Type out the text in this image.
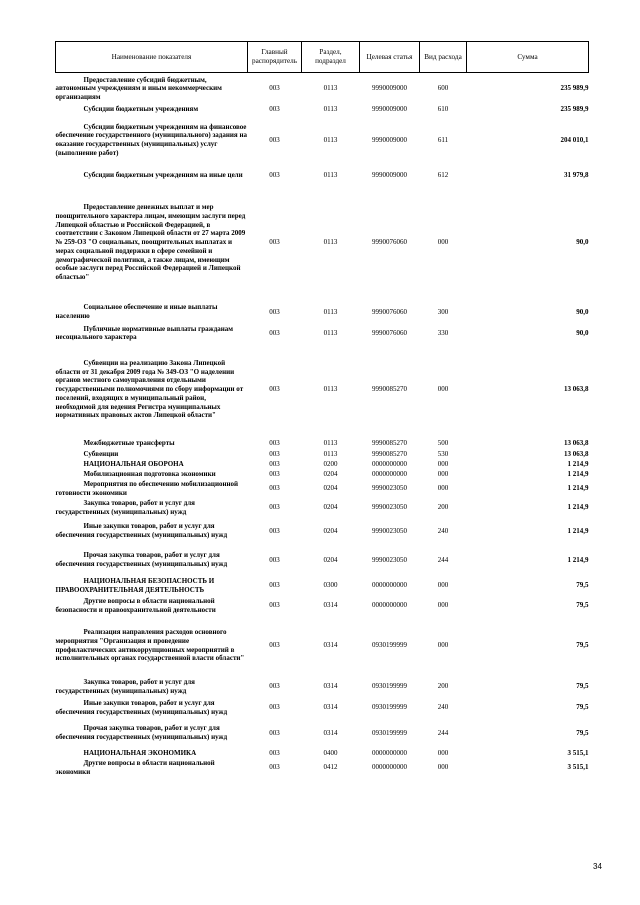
Наименование показателя	Главный распорядитель	Раздел, подраздел	Целевая статья	Вид расхода	Сумма
Предоставление субсидий бюджетным, автономным учреждениям и иным некоммерческим организациям	003	0113	9990009000	600	235 989,9
Субсидии бюджетным учреждениям	003	0113	9990009000	610	235 989,9
Субсидии бюджетным учреждениям на финансовое обеспечение государственного (муниципального) задания на оказание государственных (муниципальных) услуг (выполнение работ)	003	0113	9990009000	611	204 010,1
Субсидии бюджетным учреждениям на иные цели	003	0113	9990009000	612	31 979,8
Предоставление денежных выплат и мер поощрительного характера лицам, имеющим заслуги перед Липецкой областью и Российской Федерацией, в соответствии с Законом Липецкой области от 27 марта 2009 № 259-ОЗ "О социальных, поощрительных выплатах и мерах социальной поддержки в сфере семейной и демографической политики, а также лицам, имеющим особые заслуги перед Российской Федерацией и Липецкой областью"	003	0113	9990076060	000	90,0
Социальное обеспечение и иные выплаты населению	003	0113	9990076060	300	90,0
Публичные нормативные выплаты гражданам несоциального характера	003	0113	9990076060	330	90,0
Субвенции на реализацию Закона Липецкой области от 31 декабря 2009 года № 349-ОЗ "О наделении органов местного самоуправления отдельными государственными полномочиями по сбору информации от поселений, входящих в муниципальный район, необходимой для ведения Регистра муниципальных нормативных правовых актов Липецкой области"	003	0113	9990085270	000	13 063,8
Межбюджетные трансферты	003	0113	9990085270	500	13 063,8
Субвенции	003	0113	9990085270	530	13 063,8
НАЦИОНАЛЬНАЯ ОБОРОНА	003	0200	0000000000	000	1 214,9
Мобилизационная подготовка экономики	003	0204	0000000000	000	1 214,9
Мероприятия по обеспечению мобилизационной готовности экономики	003	0204	9990023050	000	1 214,9
Закупка товаров, работ и услуг для государственных (муниципальных) нужд	003	0204	9990023050	200	1 214,9
Иные закупки товаров, работ и услуг для обеспечения государственных (муниципальных) нужд	003	0204	9990023050	240	1 214,9
Прочая закупка товаров, работ и услуг для обеспечения государственных (муниципальных) нужд	003	0204	9990023050	244	1 214,9
НАЦИОНАЛЬНАЯ БЕЗОПАСНОСТЬ И ПРАВООХРАНИТЕЛЬНАЯ ДЕЯТЕЛЬНОСТЬ	003	0300	0000000000	000	79,5
Другие вопросы в области национальной безопасности и правоохранительной деятельности	003	0314	0000000000	000	79,5
Реализация направления расходов основного мероприятия "Организация и проведение профилактических антикоррупционных мероприятий в исполнительных органах государственной власти области"	003	0314	0930199999	000	79,5
Закупка товаров, работ и услуг для государственных (муниципальных) нужд	003	0314	0930199999	200	79,5
Иные закупки товаров, работ и услуг для обеспечения государственных (муниципальных) нужд	003	0314	0930199999	240	79,5
Прочая закупка товаров, работ и услуг для обеспечения государственных (муниципальных) нужд	003	0314	0930199999	244	79,5
НАЦИОНАЛЬНАЯ ЭКОНОМИКА	003	0400	0000000000	000	3 515,1
Другие вопросы в области национальной экономики	003	0412	0000000000	000	3 515,1
34
